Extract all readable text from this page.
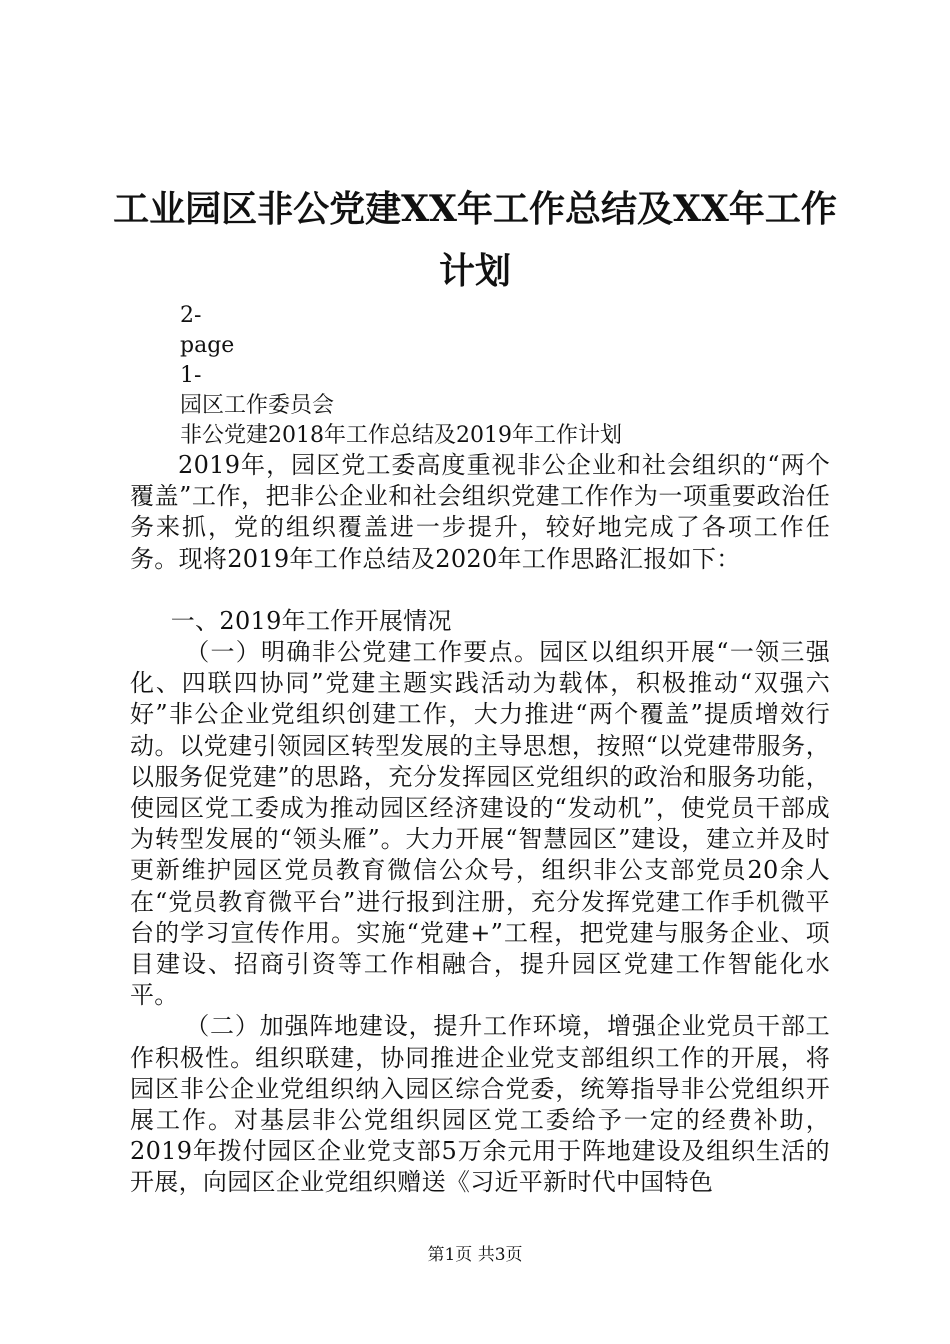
工业园区非公党建XX年工作总结及XX年工作
计划
2-
page
1-
园区工作委员会
非公党建2018年工作总结及2019年工作计划

2019年，园区党工委高度重视非公企业和社会组织的“两个覆盖”工作，把非公企业和社会组织党建工作作为一项重要政治任务来抓，党的组织覆盖进一步提升，较好地完成了各项工作任务。现将2019年工作总结及2020年工作思路汇报如下：

一、2019年工作开展情况

（一）明确非公党建工作要点。园区以组织开展“一领三强化、四联四协同”党建主题实践活动为载体，积极推动“双强六好”非公企业党组织创建工作，大力推进“两个覆盖”提质增效行动。以党建引领园区转型发展的主导思想，按照“以党建带服务，以服务促党建”的思路，充分发挥园区党组织的政治和服务功能，使园区党工委成为推动园区经济建设的“发动机”，使党员干部成为转型发展的“领头雁”。大力开展“智慧园区”建设，建立并及时更新维护园区党员教育微信公众号，组织非公支部党员20余人在“党员教育微平台”进行报到注册，充分发挥党建工作手机微平台的学习宣传作用。实施“党建+”工程，把党建与服务企业、项目建设、招商引资等工作相融合，提升园区党建工作智能化水平。

（二）加强阵地建设，提升工作环境，增强企业党员干部工作积极性。组织联建，协同推进企业党支部组织工作的开展，将园区非公企业党组织纳入园区综合党委，统筹指导非公党组织开展工作。对基层非公党组织园区党工委给予一定的经费补助，2019年拨付园区企业党支部5万余元用于阵地建设及组织生活的开展，向园区企业党组织赠送《习近平新时代中国特色

第1页 共3页
